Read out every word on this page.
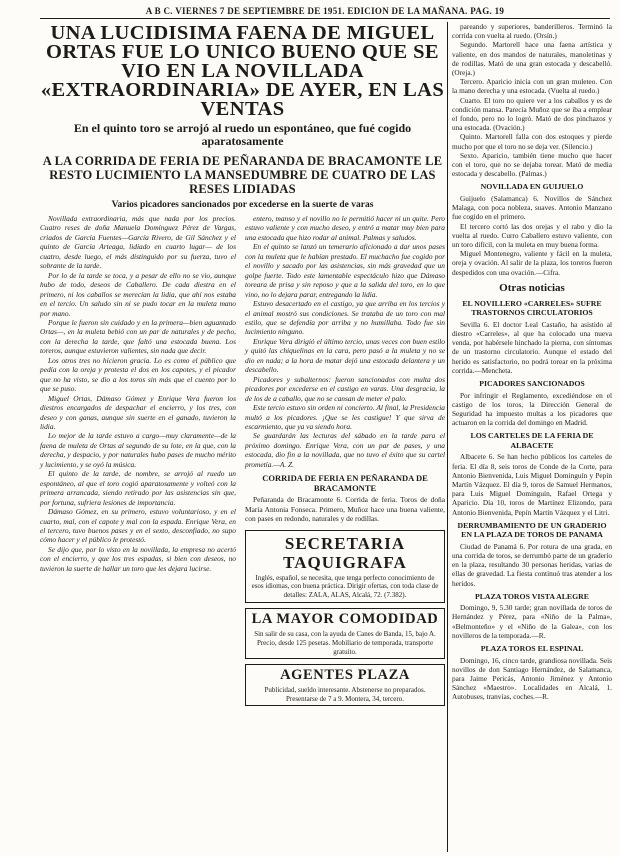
A B C. VIERNES 7 DE SEPTIEMBRE DE 1951. EDICION DE LA MAÑANA. PAG. 19
UNA LUCIDISIMA FAENA DE MIGUEL ORTAS FUE LO UNICO BUENO QUE SE VIO EN LA NOVILLADA «EXTRAORDINARIA» DE AYER, EN LAS VENTAS
En el quinto toro se arrojó al ruedo un espontáneo, que fué cogido aparatosamente
A LA CORRIDA DE FERIA DE PEÑARANDA DE BRACAMONTE LE RESTO LUCIMIENTO LA MANSEDUMBRE DE CUATRO DE LAS RESES LIDIADAS
Varios picadores sancionados por excederse en la suerte de varas

Novillada extraordinaria, más que nada por los precios. Cuatro reses de doña Manuela Domínguez Pérez de Vargas, criados de García Fuentes—García Rivero, de Gil Sánchez y el quinto de García Arteaga, lidiado en cuarto lugar— de los cuatro, desde luego, el más distinguido por su fuerza, tuvo el sobrante de la tarde.

Por lo de la tarde se toca, y a pesar de ello no se vio, aunque hubo de todo, deseos de Caballero. De cada diestra en el primero, ni los caballos se merecían la lidia, que ahí nos estaba en el tercio. Un saludo sin ni se pudo tocar en la muleta mano por mano.

Porque le fueron sin cuidado y en la primera—bien aguantado Ortas—, en la muleta bebió con un par de naturales y de pecho, con la derecha la tarde, que faltó una estocada buena. Los toreros, aunque estuvieron valientes, sin nada que decir.

Los otros tres no hicieron gracia. Lo es como el público que pedía con la oreja y protesta el dos en los capotes, y el picador que no ha visto, se dio a los toros sin más que el cuento por lo que se puso.

Miguel Ortas, Dámaso Gómez y Enrique Vera fueron los diestros encargados de despachar el encierro, y los tres, con deseo y con ganas, aunque sin suerte en el ganado, tuvieron la lidia.

Lo mejor de la tarde estuvo a cargo—muy claramente—de la faena de muleta de Ortas al segundo de su lote, en la que, con la derecha, y despacio, y por naturales hubo pases de mucho mérito y lucimiento, y se oyó la música.

El quinto de la tarde, de nombre, se arrojó al ruedo un espontáneo, al que el toro cogió aparatosamente y volteó con la primera arrancada, siendo retirado por las asistencias sin que, por fortuna, sufriera lesiones de importancia.

Dámaso Gómez, en su primero, estuvo voluntarioso, y en el cuarto, mal, con el capote y mal con la espada. Enrique Vera, en el tercero, tuvo buenos pases y en el sexto, desconfiado, no supo cómo hacer y el público le protestó.

Se dijo que, por lo visto en la novillada, la empresa no acertó con el encierro, y que los tres espadas, si bien con deseos, no tuvieron la suerte de hallar un toro que les dejara lucirse.

entero, manso y el novillo no le permitió hacer ni un quite. Pero estuvo valiente y con mucho deseo, y entró a matar muy bien para una estocada que hizo rodar al animal. Palmas y saludos.

En el quinto se lanzó un temerario aficionado a dar unos pases con la muleta que le habían prestado. El muchacho fue cogido por el novillo y sacado por las asistencias, sin más gravedad que un golpe fuerte. Todo este lamentable espectáculo hizo que Dámaso toreara de prisa y sin reposo y que a la salida del toro, en lo que vino, no lo dejara parar, entregando la lidia.

Estuvo desacertado en el castigo, ya que arriba en los tercios y el animal mostró sus condiciones. Se trataba de un toro con mal estilo, que se defendía por arriba y no humillaba. Todo fue sin lucimiento ninguno.

Enrique Vera dirigió el último tercio, unas veces con buen estilo y quitó las chiquelinas en la cara, pero pasó a la muleta y no se dio en nada; a la hora de matar dejó una estocada delantera y un descabello.

Picadores y subalternos: fueron sancionados con multa dos picadores por excederse en el castigo en varas. Una desgracia, la de los de a caballo, que no se cansan de meter el palo.

Este tercio estuvo sin orden ni concierto. Al final, la Presidencia multó a los picadores. ¡Que se les castigue! Y que sirva de escarmiento, que ya va siendo hora.

Se guardarán las lecturas del sábado en la tarde para el próximo domingo. Enrique Vera, con un par de pases, y una estocada, dio fin a la novillada, que no tuvo el éxito que su cartel prometía.—A. Z.

CORRIDA DE FERIA EN PEÑARANDA DE BRACAMONTE

Peñaranda de Bracamonte 6. Corrida de feria. Toros de doña María Antonia Fonseca. Primero, Muñoz hace una buena valiente, con pases en redondo, naturales y de rodillas.

SECRETARIA TAQUIGRAFA
Inglés, español, se necesita, que tenga perfecto conocimiento de esos idiomas, con buena práctica. Dirigir ofertas, con toda clase de detalles: ZALA, ALAS, Alcalá, 72. (7.382).
LA MAYOR COMODIDAD
Sin salir de su casa, con la ayuda de Canes de Banda, 15, bajo A. Precio, desde 125 pesetas. Mobiliario de temporada, transporte gratuito.
AGENTES PLAZA
Publicidad, sueldo interesante. Abstenerse no preparados. Presentarse de 7 a 9. Montera, 34, tercero.

pareando y superiores, banderilleros. Terminó la corrida con vuelta al ruedo. (Orsín.)

Segundo. Martorell hace una faena artística y valiente, en dos mandos de naturales, manoletinas y de rodillas. Mató de una gran estocada y descabelló. (Oreja.)

Tercero. Aparicio inicia con un gran muleteo. Con la mano derecha y una estocada. (Vuelta al ruedo.)

Cuarto. El toro no quiere ver a los caballos y es de condición mansa. Parecía Muñoz que se iba a emplear el fondo, pero no lo logró. Mató de dos pinchazos y una estocada. (Ovación.)

Quinto. Martorell falla con dos estoques y pierde mucho por que el toro no se deja ver. (Silencio.)

Sexto. Aparicio, también tiene mucho que hacer con el toro, que no se dejaba torear. Mató de media estocada y descabello. (Palmas.)

NOVILLADA EN GUIJUELO

Guijuelo (Salamanca) 6. Novillos de Sánchez Malaga, con poca nobleza, suaves. Antonio Manzano fue cogido en el primero.

El tercero cortó las dos orejas y el rabo y dio la vuelta al ruedo. Curro Caballero estuvo valiente, con un toro difícil, con la muleta en muy buena forma.

Miguel Montenegro, valiente y fácil en la muleta, oreja y ovación. Al salir de la plaza, los toreros fueron despedidos con una ovación.—Cifra.

Otras noticias
EL NOVILLERO «CARRELES» SUFRE TRASTORNOS CIRCULATORIOS

Sevilla 6. El doctor Leal Castaño, ha asistido al diestro «Carreles», al que ha colocado una nueva venda, por habérsele hinchado la pierna, con síntomas de un trastorno circulatorio. Aunque el estado del herido es satisfactorio, no podrá torear en la próxima corrida.—Mencheta.

PICADORES SANCIONADOS

Por infringir el Reglamento, excediéndose en el castigo de los toros, la Dirección General de Seguridad ha impuesto multas a los picadores que actuaron en la corrida del domingo en Madrid.

LOS CARTELES DE LA FERIA DE ALBACETE

Albacete 6. Se han hecho públicos los carteles de feria. El día 8, seis toros de Conde de la Corte, para Antonio Bienvenida, Luis Miguel Dominguín y Pepín Martín Vázquez. El día 9, toros de Samuel Hermanos, para Luis Miguel Dominguín, Rafael Ortega y Aparicio. Día 10, toros de Martínez Elizondo, para Antonio Bienvenida, Pepín Martín Vázquez y el Litri.

DERRUMBAMIENTO DE UN GRADERIO EN LA PLAZA DE TOROS DE PANAMA

Ciudad de Panamá 6. Por rotura de una grada, en una corrida de toros, se derrumbó parte de un graderío en la plaza, resultando 30 personas heridas, varias de ellas de gravedad. La fiesta continuó tras atender a los heridos.

PLAZA TOROS VISTA ALEGRE

Domingo, 9, 5.30 tarde; gran novillada de toros de Hernández y Pérez, para «Niño de la Palma», «Belmonteño» y el «Niño de la Galea», con los novilleros de la temporada.—R.

PLAZA TOROS EL ESPINAL

Domingo, 16, cinco tarde, grandiosa novillada. Seis novillos de don Santiago Hernández, de Salamanca, para Jaime Pericás, Antonio Jiménez y Antonio Sánchez «Maestro». Localidades en Alcalá, 1. Autobuses, tranvías, coches.—R.
